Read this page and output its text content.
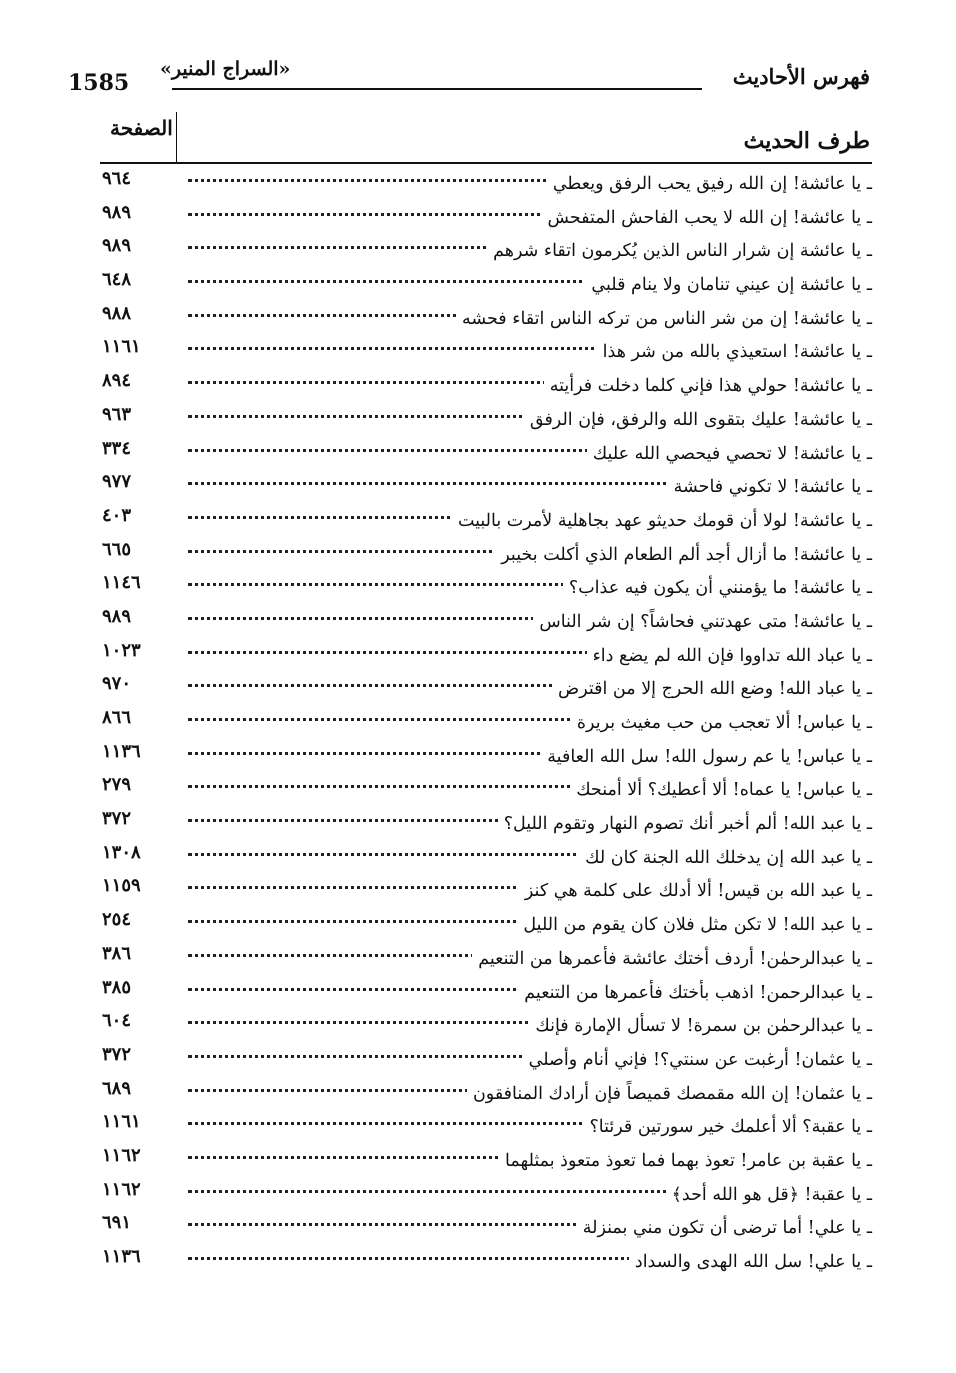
فهرس الأحاديث
«السراج المنير»
1585
طرف الحديث
الصفحة
ـ يا عائشة! إن الله رفيق يحب الرفق ويعطي
٩٦٤
ـ يا عائشة! إن الله لا يحب الفاحش المتفحش
٩٨٩
ـ يا عائشة إن شرار الناس الذين يُكرمون اتقاء شرهم
٩٨٩
ـ يا عائشة إن عيني تنامان ولا ينام قلبي
٦٤٨
ـ يا عائشة! إن من شر الناس من تركه الناس اتقاء فحشه
٩٨٨
ـ يا عائشة! استعيذي بالله من شر هذا
١١٦١
ـ يا عائشة! حولي هذا فإني كلما دخلت فرأيته
٨٩٤
ـ يا عائشة! عليك بتقوى الله والرفق، فإن الرفق
٩٦٣
ـ يا عائشة! لا تحصي فيحصي الله عليك
٣٣٤
ـ يا عائشة! لا تكوني فاحشة
٩٧٧
ـ يا عائشة! لولا أن قومك حديثو عهد بجاهلية لأمرت بالبيت
٤٠٣
ـ يا عائشة! ما أزال أجد ألم الطعام الذي أكلت بخيبر
٦٦٥
ـ يا عائشة! ما يؤمنني أن يكون فيه عذاب؟
١١٤٦
ـ يا عائشة! متى عهدتني فحاشاً؟ إن شر الناس
٩٨٩
ـ يا عباد الله تداووا فإن الله لم يضع داء
١٠٢٣
ـ يا عباد الله! وضع الله الحرج إلا من اقترض
٩٧٠
ـ يا عباس! ألا تعجب من حب مغيث بريرة
٨٦٦
ـ يا عباس! يا عم رسول الله! سل الله العافية
١١٣٦
ـ يا عباس! يا عماه! ألا أعطيك؟ ألا أمنحك
٢٧٩
ـ يا عبد الله! ألم أخبر أنك تصوم النهار وتقوم الليل؟
٣٧٢
ـ يا عبد الله إن يدخلك الله الجنة كان لك
١٣٠٨
ـ يا عبد الله بن قيس! ألا أدلك على كلمة هي كنز
١١٥٩
ـ يا عبد الله! لا تكن مثل فلان كان يقوم من الليل
٢٥٤
ـ يا عبدالرحمٰن! أردف أختك عائشة فأعمرها من التنعيم
٣٨٦
ـ يا عبدالرحمن! اذهب بأختك فأعمرها من التنعيم
٣٨٥
ـ يا عبدالرحمٰن بن سمرة! لا تسأل الإمارة فإنك
٦٠٤
ـ يا عثمان! أرغبت عن سنتي؟! فإني أنام وأصلي
٣٧٢
ـ يا عثمان! إن الله مقمصك قميصاً فإن أرادك المنافقون
٦٨٩
ـ يا عقبة؟ ألا أعلمك خير سورتين قرئتا؟
١١٦١
ـ يا عقبة بن عامر! تعوذ بهما فما تعوذ متعوذ بمثلهما
١١٦٢
ـ يا عقبة! ﴿قل هو الله أحد﴾
١١٦٢
ـ يا علي! أما ترضى أن تكون مني بمنزلة
٦٩١
ـ يا علي! سل الله الهدى والسداد
١١٣٦
